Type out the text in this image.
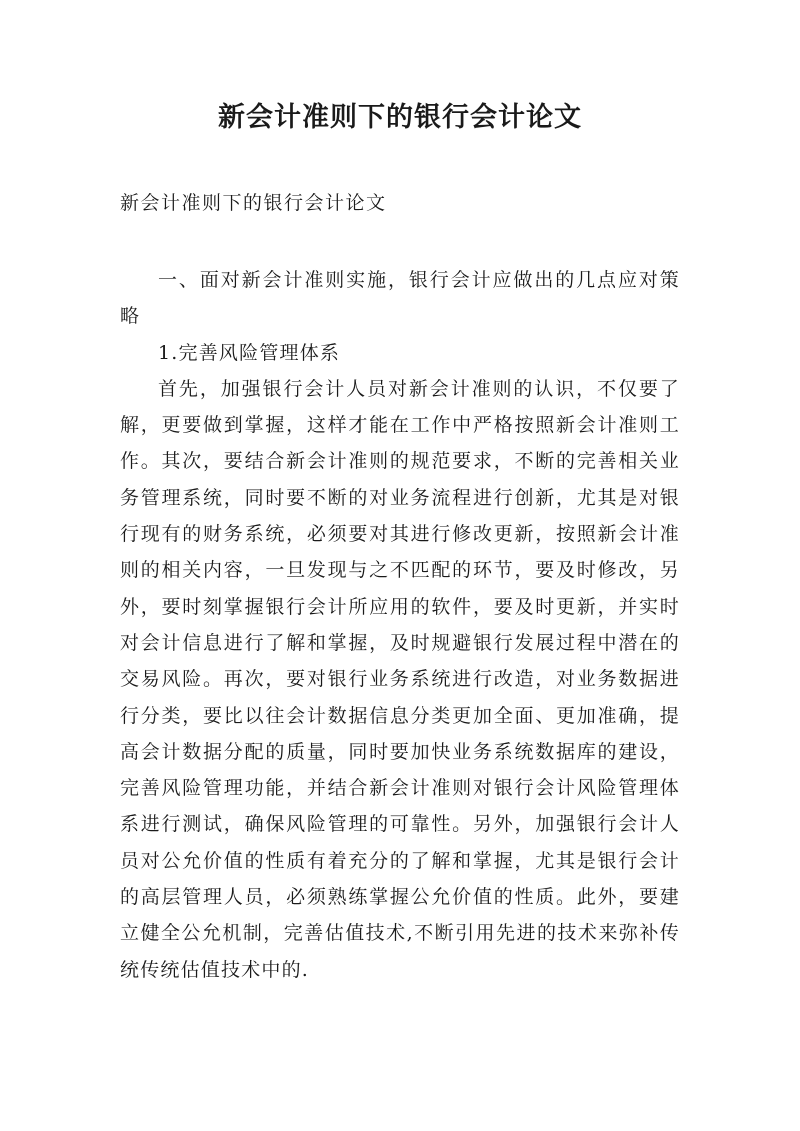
新会计准则下的银行会计论文

新会计准则下的银行会计论文

一、面对新会计准则实施，银行会计应做出的几点应对策略

1.完善风险管理体系

首先，加强银行会计人员对新会计准则的认识，不仅要了解，更要做到掌握，这样才能在工作中严格按照新会计准则工作。其次，要结合新会计准则的规范要求，不断的完善相关业务管理系统，同时要不断的对业务流程进行创新，尤其是对银行现有的财务系统，必须要对其进行修改更新，按照新会计准则的相关内容，一旦发现与之不匹配的环节，要及时修改，另外，要时刻掌握银行会计所应用的软件，要及时更新，并实时对会计信息进行了解和掌握，及时规避银行发展过程中潜在的交易风险。再次，要对银行业务系统进行改造，对业务数据进行分类，要比以往会计数据信息分类更加全面、更加准确，提高会计数据分配的质量，同时要加快业务系统数据库的建设，完善风险管理功能，并结合新会计准则对银行会计风险管理体系进行测试，确保风险管理的可靠性。另外，加强银行会计人员对公允价值的性质有着充分的了解和掌握，尤其是银行会计的高层管理人员，必须熟练掌握公允价值的性质。此外，要建立健全公允机制，完善估值技术,不断引用先进的技术来弥补传统传统估值技术中的.
